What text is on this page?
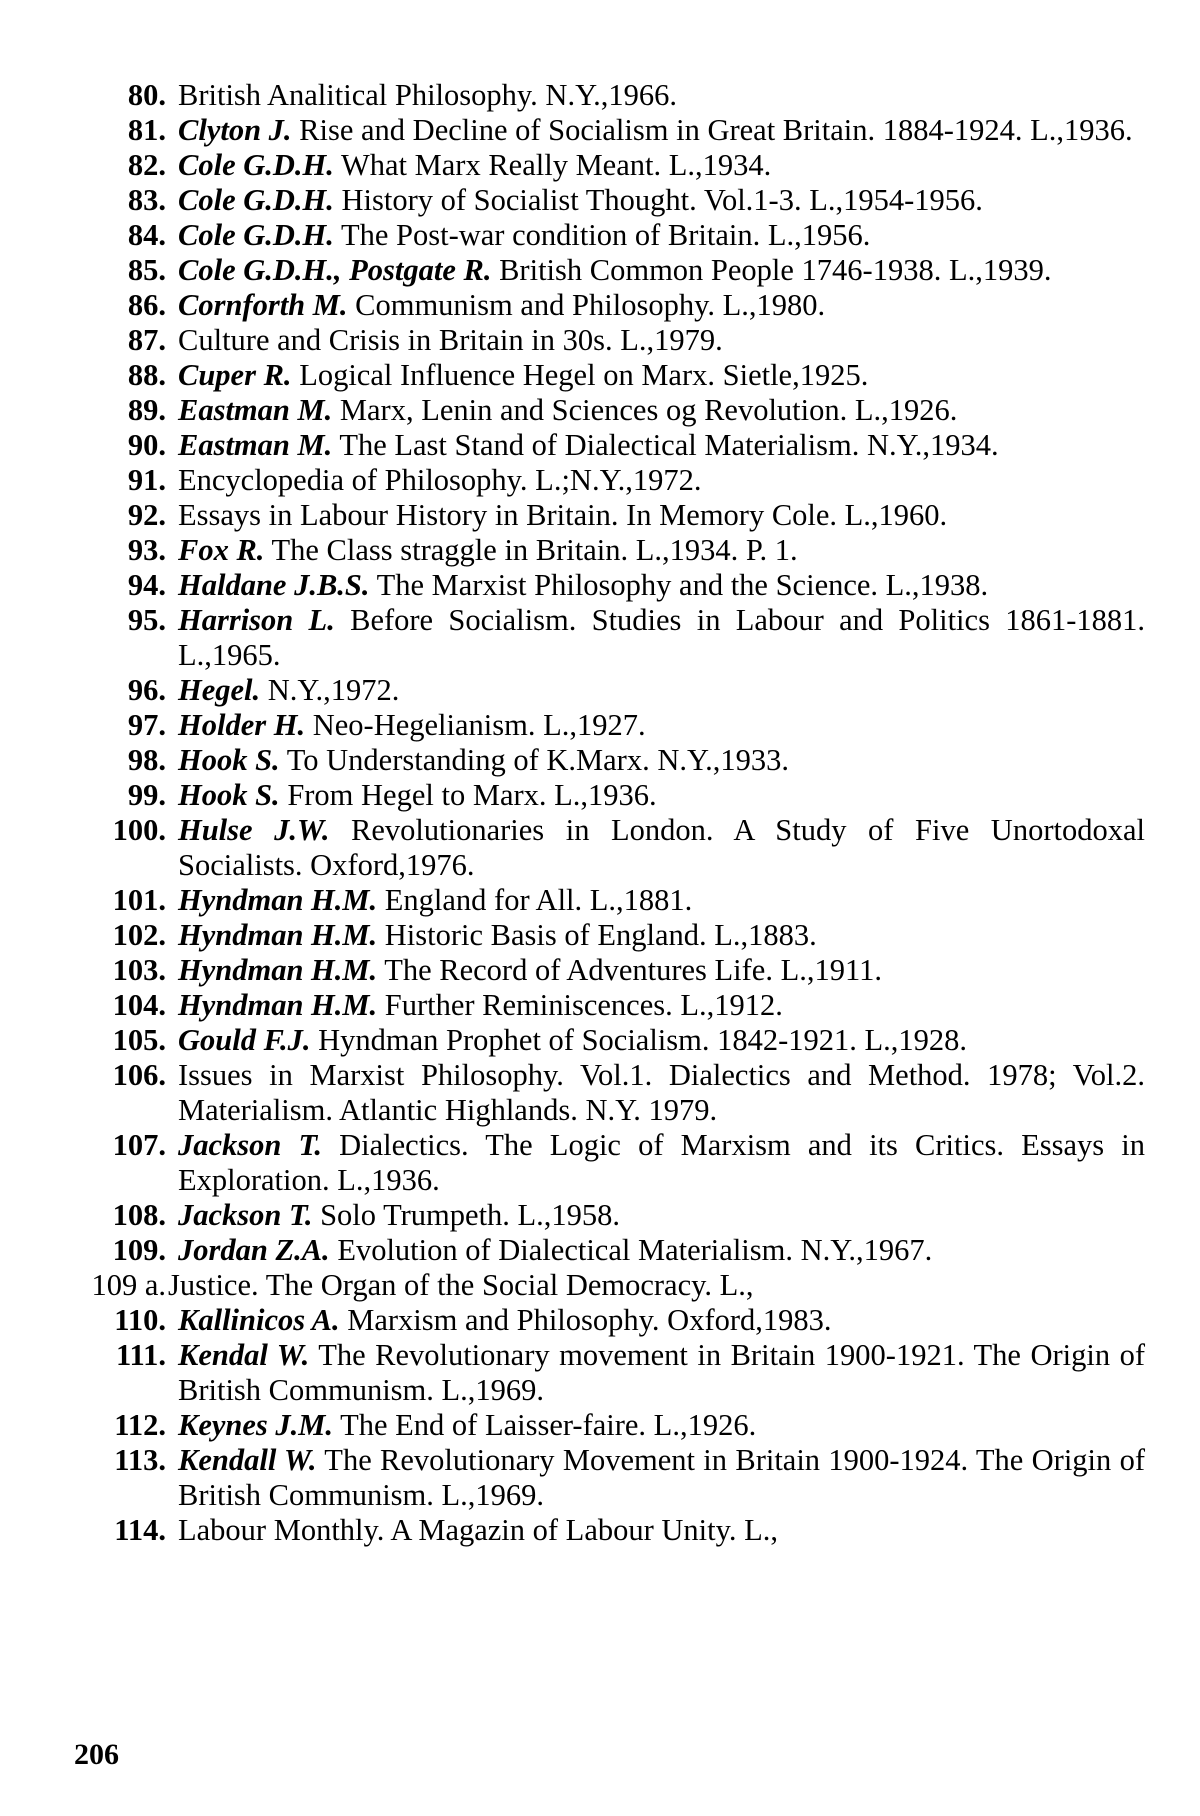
80. British Analitical Philosophy. N.Y.,1966.
81. Clyton J. Rise and Decline of Socialism in Great Britain. 1884-1924. L.,1936.
82. Cole G.D.H. What Marx Really Meant. L.,1934.
83. Cole G.D.H. History of Socialist Thought. Vol.1-3. L.,1954-1956.
84. Cole G.D.H. The Post-war condition of Britain. L.,1956.
85. Cole G.D.H., Postgate R. British Common People 1746-1938. L.,1939.
86. Cornforth M. Communism and Philosophy. L.,1980.
87. Culture and Crisis in Britain in 30s. L.,1979.
88. Cuper R. Logical Influence Hegel on Marx. Sietle,1925.
89. Eastman M. Marx, Lenin and Sciences og Revolution. L.,1926.
90. Eastman M. The Last Stand of Dialectical Materialism. N.Y.,1934.
91. Encyclopedia of Philosophy. L.;N.Y.,1972.
92. Essays in Labour History in Britain. In Memory Cole. L.,1960.
93. Fox R. The Class straggle in Britain. L.,1934. P. 1.
94. Haldane J.B.S. The Marxist Philosophy and the Science. L.,1938.
95. Harrison L. Before Socialism. Studies in Labour and Politics 1861-1881. L.,1965.
96. Hegel. N.Y.,1972.
97. Holder H. Neo-Hegelianism. L.,1927.
98. Hook S. To Understanding of K.Marx. N.Y.,1933.
99. Hook S. From Hegel to Marx. L.,1936.
100. Hulse J.W. Revolutionaries in London. A Study of Five Unortodoxal Socialists. Oxford,1976.
101. Hyndman H.M. England for All. L.,1881.
102. Hyndman H.M. Historic Basis of England. L.,1883.
103. Hyndman H.M. The Record of Adventures Life. L.,1911.
104. Hyndman H.M. Further Reminiscences. L.,1912.
105. Gould F.J. Hyndman Prophet of Socialism. 1842-1921. L.,1928.
106. Issues in Marxist Philosophy. Vol.1. Dialectics and Method. 1978; Vol.2. Materialism. Atlantic Highlands. N.Y. 1979.
107. Jackson T. Dialectics. The Logic of Marxism and its Critics. Essays in Exploration. L.,1936.
108. Jackson T. Solo Trumpeth. L.,1958.
109. Jordan Z.A. Evolution of Dialectical Materialism. N.Y.,1967.
109 a. Justice. The Organ of the Social Democracy. L.,
110. Kallinicos A. Marxism and Philosophy. Oxford,1983.
111. Kendal W. The Revolutionary movement in Britain 1900-1921. The Origin of British Communism. L.,1969.
112. Keynes J.M. The End of Laisser-faire. L.,1926.
113. Kendall W. The Revolutionary Movement in Britain 1900-1924. The Origin of British Communism. L.,1969.
114. Labour Monthly. A Magazin of Labour Unity. L.,
206
